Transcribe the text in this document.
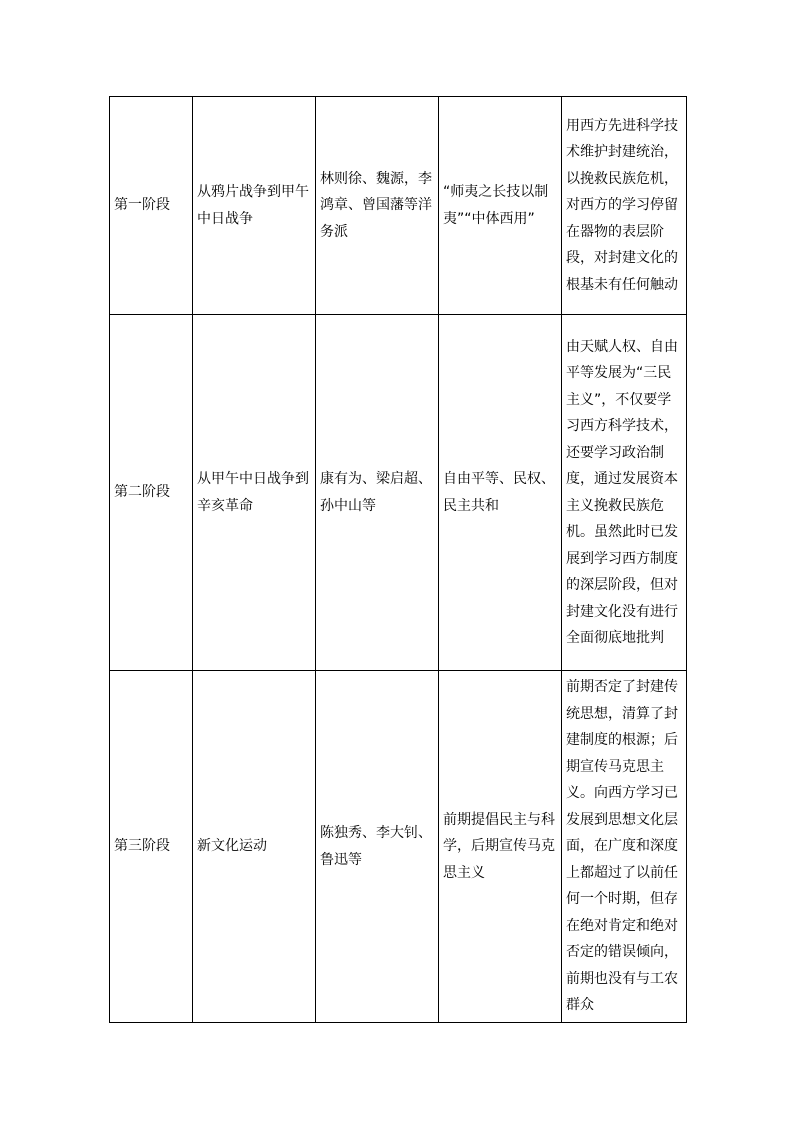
第一阶段	从鸦片战争到甲午中日战争	林则徐、魏源，李鸿章、曾国藩等洋务派	“师夷之长技以制夷”“中体西用”	用西方先进科学技术维护封建统治，以挽救民族危机，对西方的学习停留在器物的表层阶段，对封建文化的根基未有任何触动
第二阶段	从甲午中日战争到辛亥革命	康有为、梁启超、孙中山等	自由平等、民权、民主共和	由天赋人权、自由平等发展为“三民主义”，不仅要学习西方科学技术，还要学习政治制度，通过发展资本主义挽救民族危机。虽然此时已发展到学习西方制度的深层阶段，但对封建文化没有进行全面彻底地批判
第三阶段	新文化运动	陈独秀、李大钊、鲁迅等	前期提倡民主与科学，后期宣传马克思主义	前期否定了封建传统思想，清算了封建制度的根源；后期宣传马克思主义。向西方学习已发展到思想文化层面，在广度和深度上都超过了以前任何一个时期，但存在绝对肯定和绝对否定的错误倾向，前期也没有与工农群众
